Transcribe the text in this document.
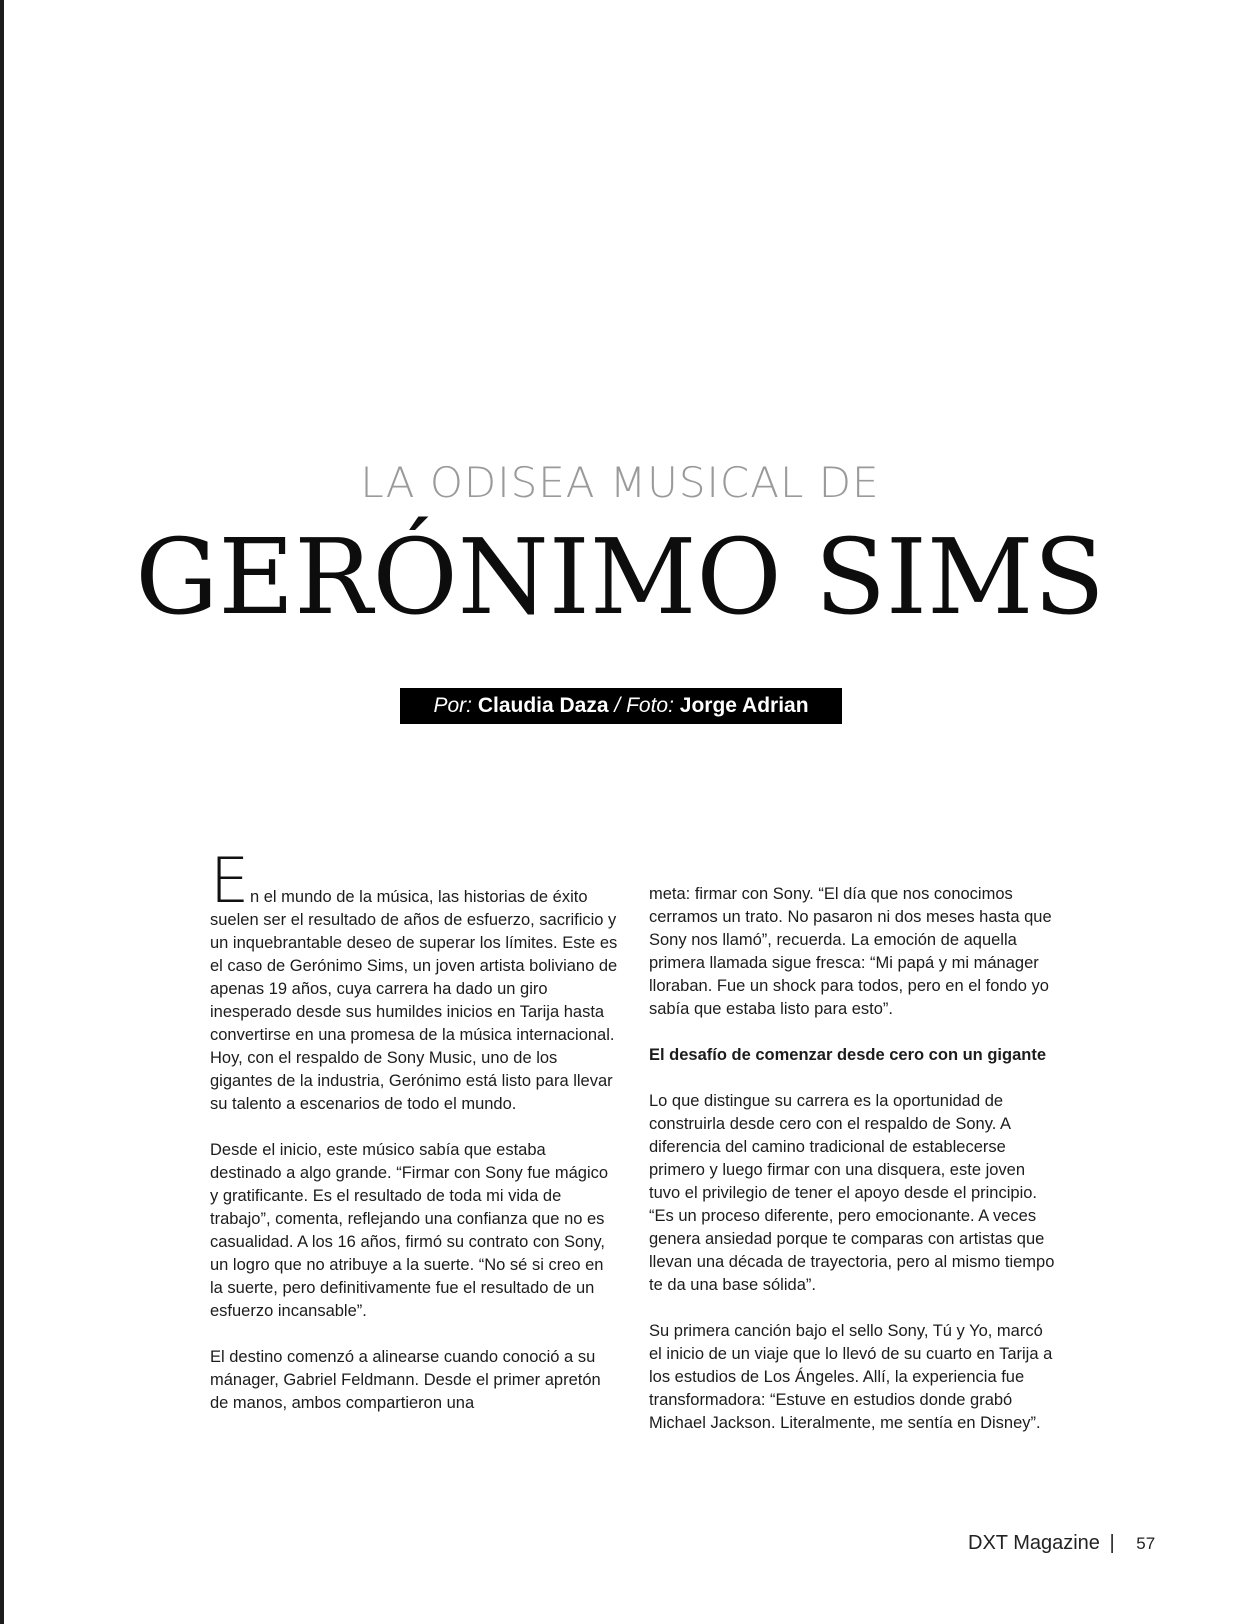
LA ODISEA MUSICAL DE
GERÓNIMO SIMS
Por: Claudia Daza / Foto: Jorge Adrian
E n el mundo de la música, las historias de éxito suelen ser el resultado de años de esfuerzo, sacrificio y un inquebrantable deseo de superar los límites. Este es el caso de Gerónimo Sims, un joven artista boliviano de apenas 19 años, cuya carrera ha dado un giro inesperado desde sus humildes inicios en Tarija hasta convertirse en una promesa de la música internacional. Hoy, con el respaldo de Sony Music, uno de los gigantes de la industria, Gerónimo está listo para llevar su talento a escenarios de todo el mundo.

Desde el inicio, este músico sabía que estaba destinado a algo grande. “Firmar con Sony fue mágico y gratificante. Es el resultado de toda mi vida de trabajo”, comenta, reflejando una confianza que no es casualidad. A los 16 años, firmó su contrato con Sony, un logro que no atribuye a la suerte. “No sé si creo en la suerte, pero definitivamente fue el resultado de un esfuerzo incansable”.

El destino comenzó a alinearse cuando conoció a su mánager, Gabriel Feldmann. Desde el primer apretón de manos, ambos compartieron una

meta: firmar con Sony. “El día que nos conocimos cerramos un trato. No pasaron ni dos meses hasta que Sony nos llamó”, recuerda. La emoción de aquella primera llamada sigue fresca: “Mi papá y mi mánager lloraban. Fue un shock para todos, pero en el fondo yo sabía que estaba listo para esto”.

El desafío de comenzar desde cero con un gigante

Lo que distingue su carrera es la oportunidad de construirla desde cero con el respaldo de Sony. A diferencia del camino tradicional de establecerse primero y luego firmar con una disquera, este joven tuvo el privilegio de tener el apoyo desde el principio. “Es un proceso diferente, pero emocionante. A veces genera ansiedad porque te comparas con artistas que llevan una década de trayectoria, pero al mismo tiempo te da una base sólida”.

Su primera canción bajo el sello Sony, Tú y Yo, marcó el inicio de un viaje que lo llevó de su cuarto en Tarija a los estudios de Los Ángeles. Allí, la experiencia fue transformadora: “Estuve en estudios donde grabó Michael Jackson. Literalmente, me sentía en Disney”.

DXT Magazine | 57
